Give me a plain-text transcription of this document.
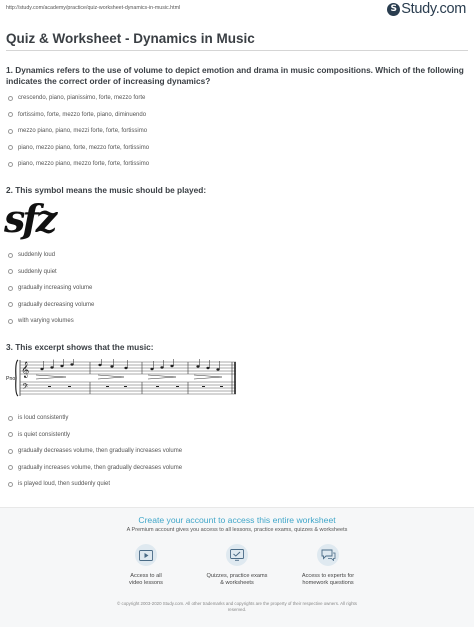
http://study.com/academy/practice/quiz-worksheet-dynamics-in-music.html	S Study.com
Quiz & Worksheet - Dynamics in Music
1. Dynamics refers to the use of volume to depict emotion and drama in music compositions. Which of the following indicates the correct order of increasing dynamics?
crescendo, piano, pianissimo, forte, mezzo forte
fortissimo, forte, mezzo forte, piano, diminuendo
mezzo piano, piano, mezzi forte, forte, fortissimo
piano, mezzo piano, forte, mezzo forte, fortissimo
piano, mezzo piano, mezzo forte, forte, fortissimo
2. This symbol means the music should be played:
sfz
suddenly loud
suddenly quiet
gradually increasing volume
gradually decreasing volume
with varying volumes
3. This excerpt shows that the music:
Pno.
𝄞
𝄢
is loud consistently
is quiet consistently
gradually decreases volume, then gradually increases volume
gradually increases volume, then gradually decreases volume
is played loud, then suddenly quiet
Create your account to access this entire worksheet
A Premium account gives you access to all lessons, practice exams, quizzes & worksheets
Access to all
video lessons
Quizzes, practice exams
& worksheets
Access to experts for
homework questions
© copyright 2003-2020 Study.com. All other trademarks and copyrights are the property of their respective owners. All rights
reserved.
